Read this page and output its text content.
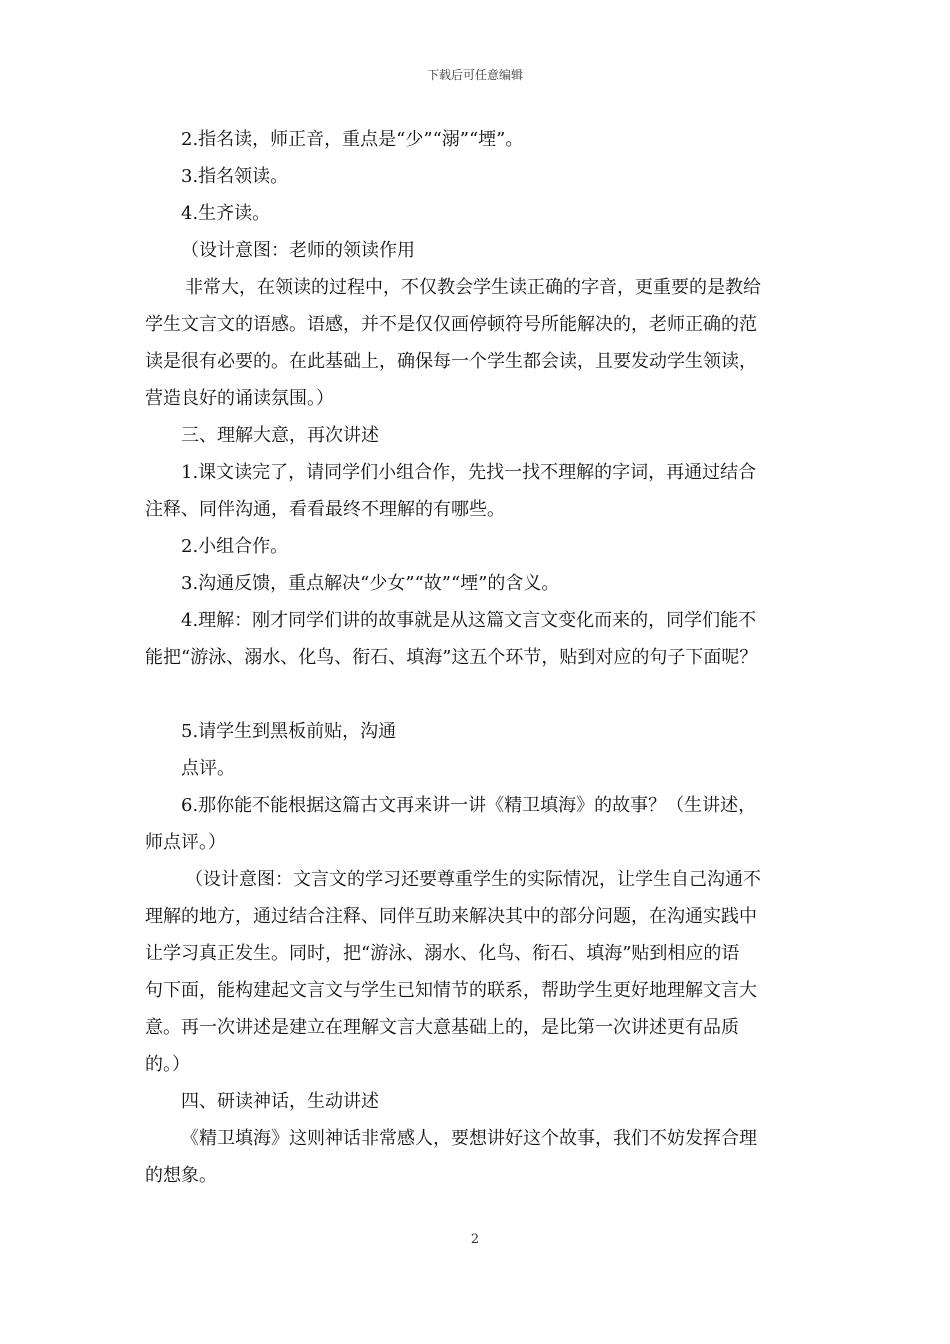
下载后可任意编辑
2.指名读，师正音，重点是“少”“溺”“堙”。
3.指名领读。
4.生齐读。
（设计意图：老师的领读作用
非常大，在领读的过程中，不仅教会学生读正确的字音，更重要的是教给
学生文言文的语感。语感，并不是仅仅画停顿符号所能解决的，老师正确的范
读是很有必要的。在此基础上，确保每一个学生都会读，且要发动学生领读，
营造良好的诵读氛围。）
三、理解大意，再次讲述
1.课文读完了，请同学们小组合作，先找一找不理解的字词，再通过结合
注释、同伴沟通，看看最终不理解的有哪些。
2.小组合作。
3.沟通反馈，重点解决“少女”“故”“堙”的含义。
4.理解：刚才同学们讲的故事就是从这篇文言文变化而来的，同学们能不
能把“游泳、溺水、化鸟、衔石、填海”这五个环节，贴到对应的句子下面呢？
5.请学生到黑板前贴，沟通
点评。
6.那你能不能根据这篇古文再来讲一讲《精卫填海》的故事？（生讲述，
师点评。）
（设计意图：文言文的学习还要尊重学生的实际情况，让学生自己沟通不
理解的地方，通过结合注释、同伴互助来解决其中的部分问题，在沟通实践中
让学习真正发生。同时，把“游泳、溺水、化鸟、衔石、填海”贴到相应的语
句下面，能构建起文言文与学生已知情节的联系，帮助学生更好地理解文言大
意。再一次讲述是建立在理解文言大意基础上的，是比第一次讲述更有品质
的。）
四、研读神话，生动讲述
《精卫填海》这则神话非常感人，要想讲好这个故事，我们不妨发挥合理
的想象。
2
